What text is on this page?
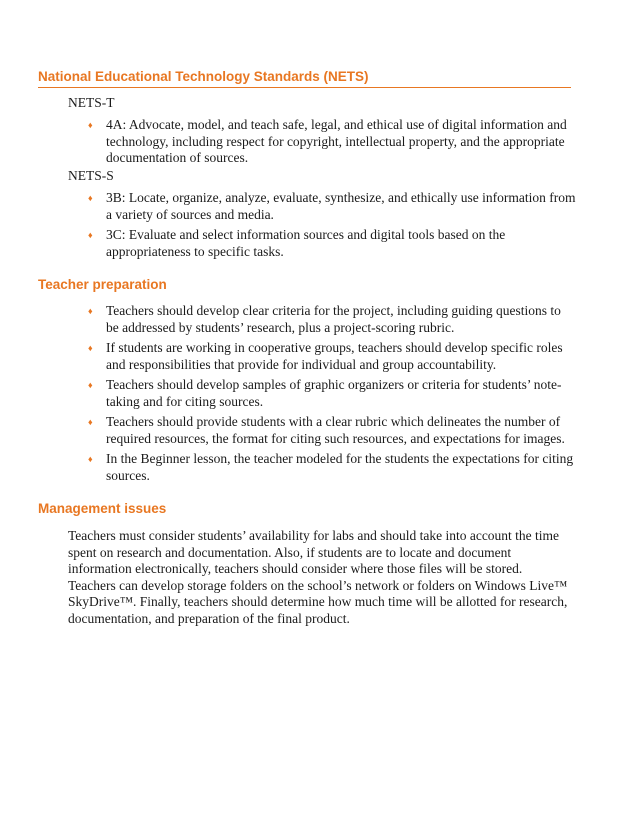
National Educational Technology Standards (NETS)

NETS-T

♦ 4A: Advocate, model, and teach safe, legal, and ethical use of digital information and technology, including respect for copyright, intellectual property, and the appropriate documentation of sources.

NETS-S

♦ 3B: Locate, organize, analyze, evaluate, synthesize, and ethically use information from a variety of sources and media.
♦ 3C: Evaluate and select information sources and digital tools based on the appropriateness to specific tasks.
Teacher preparation
♦ Teachers should develop clear criteria for the project, including guiding questions to be addressed by students’ research, plus a project-scoring rubric.
♦ If students are working in cooperative groups, teachers should develop specific roles and responsibilities that provide for individual and group accountability.
♦ Teachers should develop samples of graphic organizers or criteria for students’ note-taking and for citing sources.
♦ Teachers should provide students with a clear rubric which delineates the number of required resources, the format for citing such resources, and expectations for images.
♦ In the Beginner lesson, the teacher modeled for the students the expectations for citing sources.
Management issues

Teachers must consider students’ availability for labs and should take into account the time spent on research and documentation. Also, if students are to locate and document information electronically, teachers should consider where those files will be stored. Teachers can develop storage folders on the school’s network or folders on Windows Live™ SkyDrive™. Finally, teachers should determine how much time will be allotted for research, documentation, and preparation of the final product.
